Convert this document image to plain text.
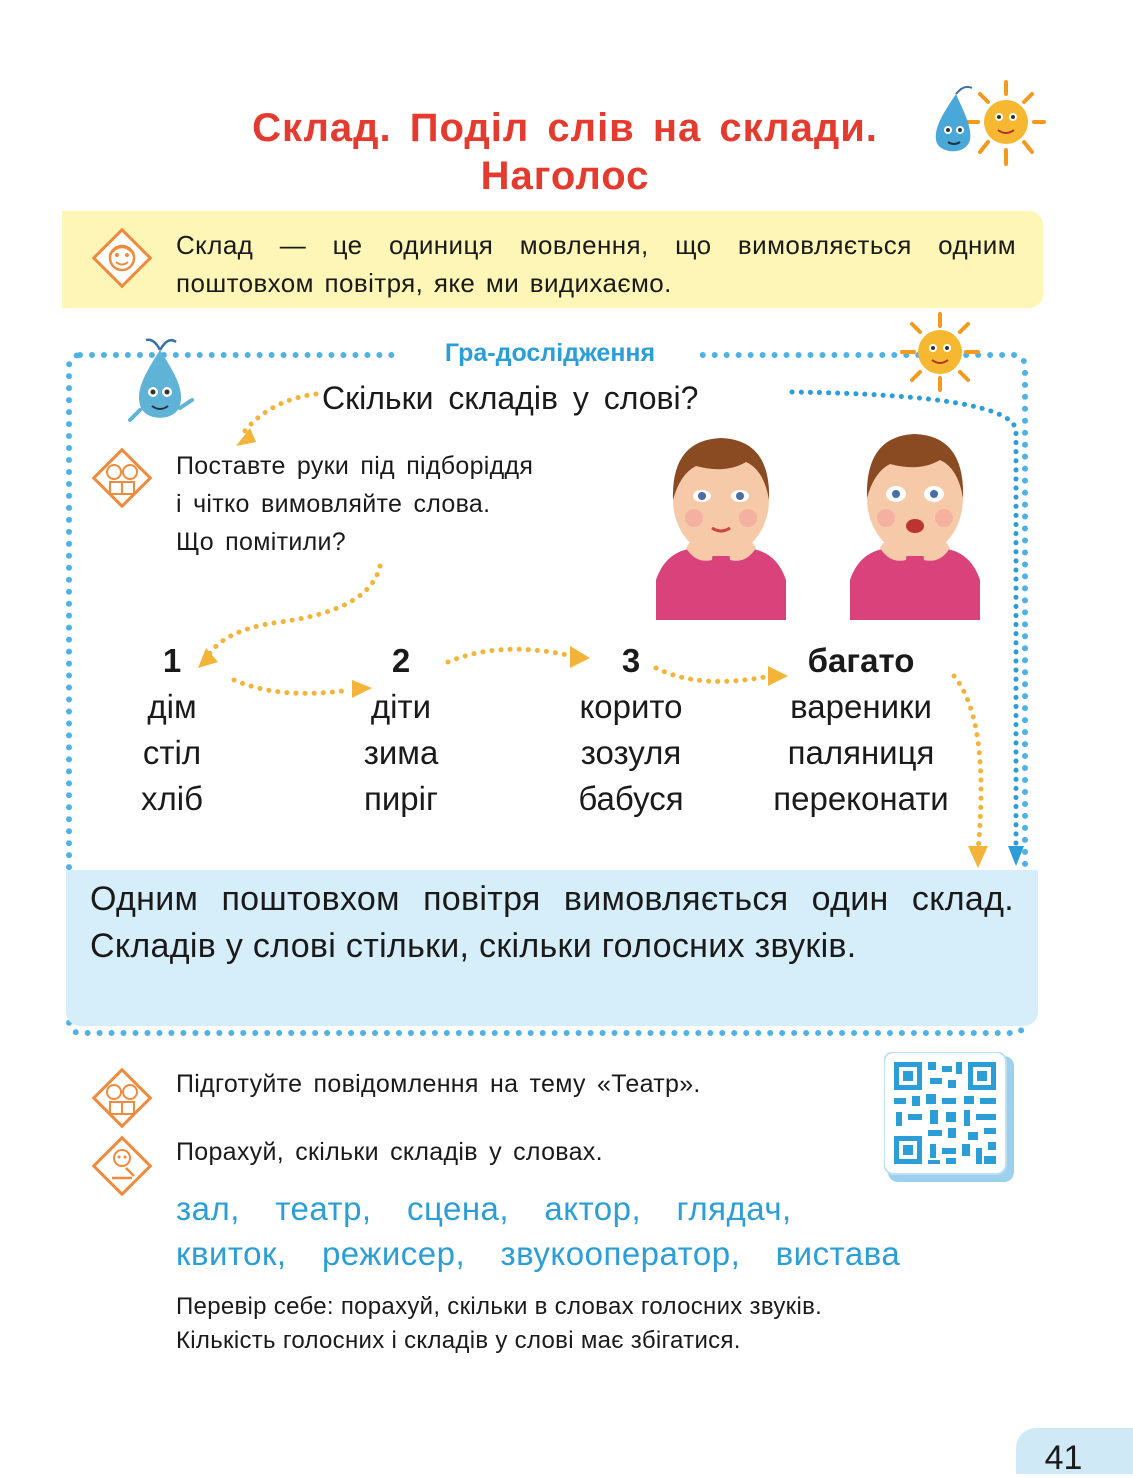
Склад. Поділ слів на склади.
Наголос
Склад — це одиниця мовлення, що вимовляється одним поштовхом повітря, яке ми видихаємо.
Гра-дослідження
Скільки складів у слові?
Поставте руки під підборіддя
і чітко вимовляйте слова.
Що помітили?
1
дім
стіл
хліб
2
діти
зима
пиріг
3
корито
зозуля
бабуся
багато
вареники
паляниця
переконати
Одним поштовхом повітря вимовляється один склад. Складів у слові стільки, скільки голосних звуків.
Підготуйте повідомлення на тему «Театр».
Порахуй, скільки складів у словах.
зал,  театр,  сцена,  актор,  глядач,
квиток,  режисер,  звукооператор,  вистава
Перевір себе: порахуй, скільки в словах голосних звуків.
Кількість голосних і складів у слові має збігатися.
41
